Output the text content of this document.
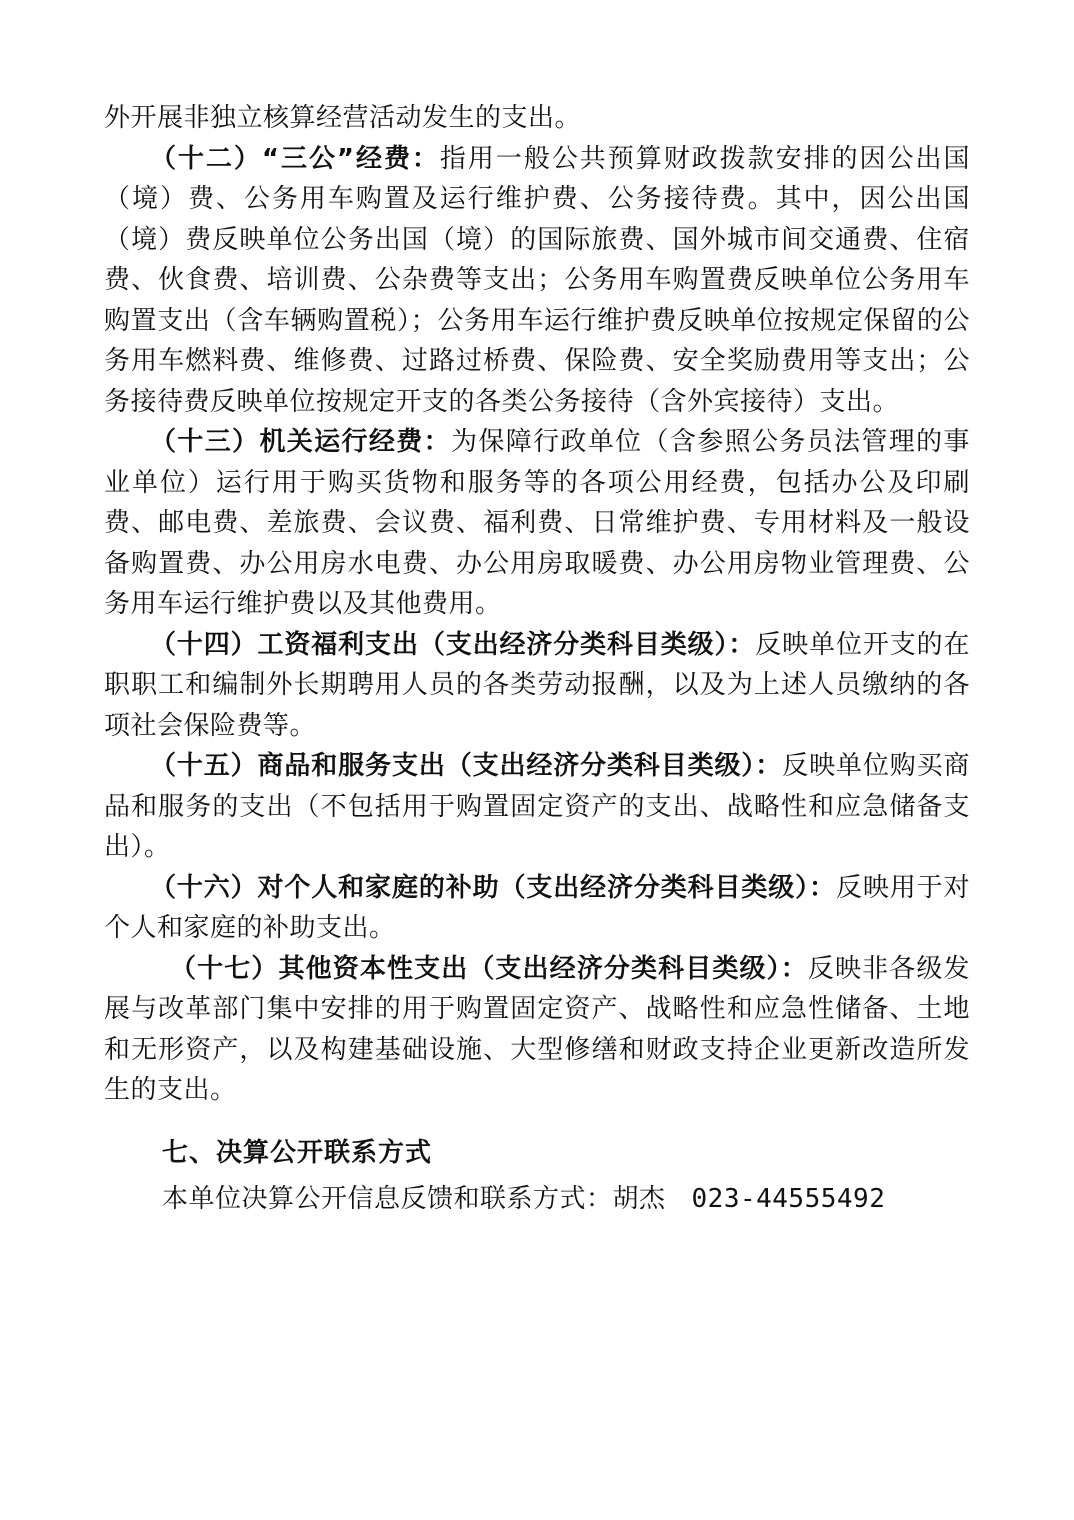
外开展非独立核算经营活动发生的支出。

（十二）“三公”经费：指用一般公共预算财政拨款安排的因公出国（境）费、公务用车购置及运行维护费、公务接待费。其中，因公出国（境）费反映单位公务出国（境）的国际旅费、国外城市间交通费、住宿费、伙食费、培训费、公杂费等支出；公务用车购置费反映单位公务用车购置支出（含车辆购置税）；公务用车运行维护费反映单位按规定保留的公务用车燃料费、维修费、过路过桥费、保险费、安全奖励费用等支出；公务接待费反映单位按规定开支的各类公务接待（含外宾接待）支出。

（十三）机关运行经费：为保障行政单位（含参照公务员法管理的事业单位）运行用于购买货物和服务等的各项公用经费，包括办公及印刷费、邮电费、差旅费、会议费、福利费、日常维护费、专用材料及一般设备购置费、办公用房水电费、办公用房取暖费、办公用房物业管理费、公务用车运行维护费以及其他费用。

（十四）工资福利支出（支出经济分类科目类级）：反映单位开支的在职职工和编制外长期聘用人员的各类劳动报酬，以及为上述人员缴纳的各项社会保险费等。

（十五）商品和服务支出（支出经济分类科目类级）：反映单位购买商品和服务的支出（不包括用于购置固定资产的支出、战略性和应急储备支出）。

（十六）对个人和家庭的补助（支出经济分类科目类级）：反映用于对个人和家庭的补助支出。

（十七）其他资本性支出（支出经济分类科目类级）：反映非各级发展与改革部门集中安排的用于购置固定资产、战略性和应急性储备、土地和无形资产，以及构建基础设施、大型修缮和财政支持企业更新改造所发生的支出。

七、决算公开联系方式

本单位决算公开信息反馈和联系方式：胡杰 023-44555492
